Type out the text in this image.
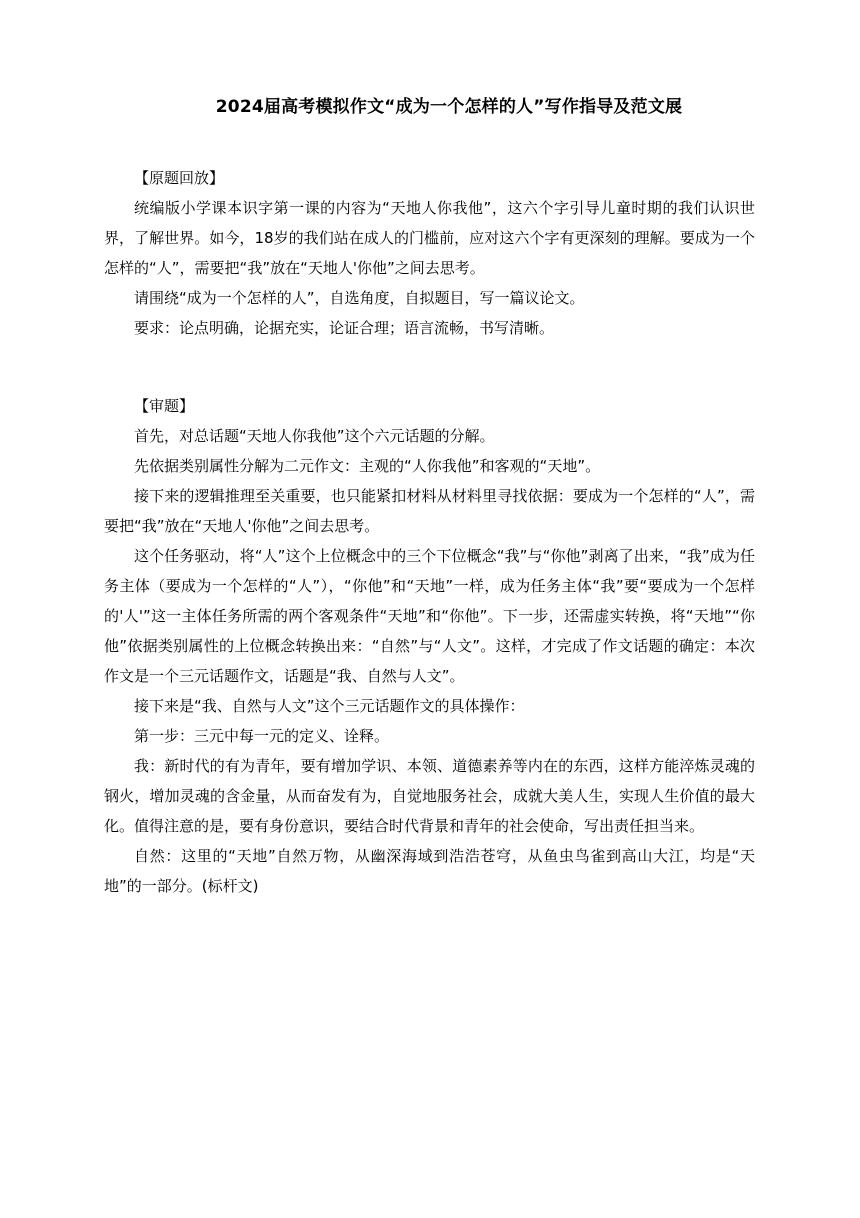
2024届高考模拟作文“成为一个怎样的人”写作指导及范文展

【原题回放】

统编版小学课本识字第一课的内容为“天地人你我他”，这六个字引导儿童时期的我们认识世界，了解世界。如今，18岁的我们站在成人的门槛前，应对这六个字有更深刻的理解。要成为一个怎样的“人”，需要把“我”放在“天地人'你他”之间去思考。

请围绕“成为一个怎样的人”，自选角度，自拟题目，写一篇议论文。

要求：论点明确，论据充实，论证合理；语言流畅，书写清晰。

【审题】

首先，对总话题“天地人你我他”这个六元话题的分解。

先依据类别属性分解为二元作文：主观的“人你我他”和客观的“天地”。

接下来的逻辑推理至关重要，也只能紧扣材料从材料里寻找依据：要成为一个怎样的“人”，需要把“我”放在“天地人'你他”之间去思考。

这个任务驱动，将“人”这个上位概念中的三个下位概念“我”与“你他”剥离了出来，“我”成为任务主体（要成为一个怎样的“人”），“你他”和“天地”一样，成为任务主体“我”要“要成为一个怎样的'人'”这一主体任务所需的两个客观条件“天地”和“你他”。下一步，还需虚实转换，将“天地”“你他”依据类别属性的上位概念转换出来：“自然”与“人文”。这样，才完成了作文话题的确定：本次作文是一个三元话题作文，话题是“我、自然与人文”。

接下来是“我、自然与人文”这个三元话题作文的具体操作：

第一步：三元中每一元的定义、诠释。

我：新时代的有为青年，要有增加学识、本领、道德素养等内在的东西，这样方能淬炼灵魂的钢火，增加灵魂的含金量，从而奋发有为，自觉地服务社会，成就大美人生，实现人生价值的最大化。值得注意的是，要有身份意识，要结合时代背景和青年的社会使命，写出责任担当来。

自然：这里的“天地”自然万物，从幽深海域到浩浩苍穹，从鱼虫鸟雀到高山大江，均是“天地”的一部分。(标杆文)
